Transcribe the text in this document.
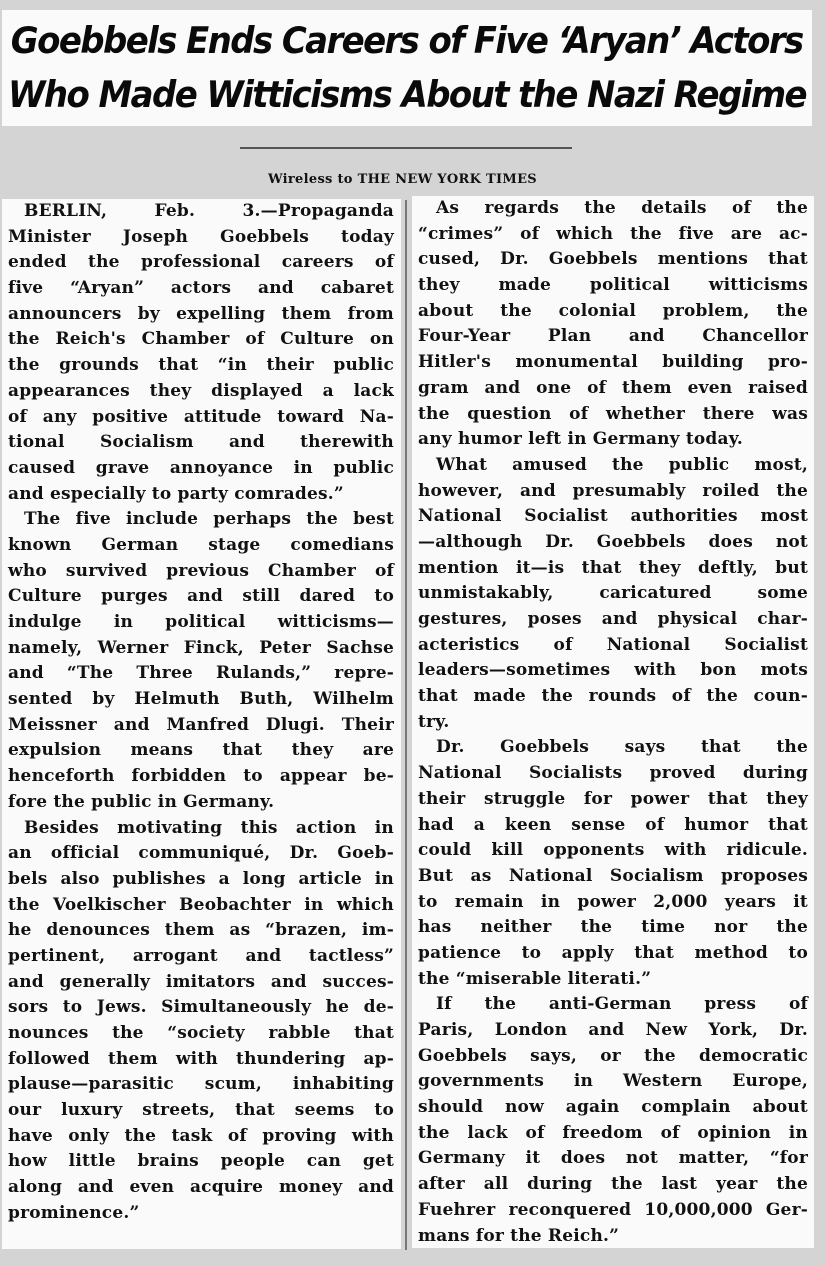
Goebbels Ends Careers of Five ‘Aryan’ Actors
Who Made Witticisms About the Nazi Regime
Wireless to THE NEW YORK TIMES
BERLIN, Feb. 3.—Propaganda
Minister Joseph Goebbels today
ended the professional careers of
five “Aryan” actors and cabaret
announcers by expelling them from
the Reich's Chamber of Culture on
the grounds that “in their public
appearances they displayed a lack
of any positive attitude toward Na-
tional Socialism and therewith
caused grave annoyance in public
and especially to party comrades.”
The five include perhaps the best
known German stage comedians
who survived previous Chamber of
Culture purges and still dared to
indulge in political witticisms—
namely, Werner Finck, Peter Sachse
and “The Three Rulands,” repre-
sented by Helmuth Buth, Wilhelm
Meissner and Manfred Dlugi. Their
expulsion means that they are
henceforth forbidden to appear be-
fore the public in Germany.
Besides motivating this action in
an official communiqué, Dr. Goeb-
bels also publishes a long article in
the Voelkischer Beobachter in which
he denounces them as “brazen, im-
pertinent, arrogant and tactless”
and generally imitators and succes-
sors to Jews. Simultaneously he de-
nounces the “society rabble that
followed them with thundering ap-
plause—parasitic scum, inhabiting
our luxury streets, that seems to
have only the task of proving with
how little brains people can get
along and even acquire money and
prominence.”
As regards the details of the
“crimes” of which the five are ac-
cused, Dr. Goebbels mentions that
they made political witticisms
about the colonial problem, the
Four-Year Plan and Chancellor
Hitler's monumental building pro-
gram and one of them even raised
the question of whether there was
any humor left in Germany today.
What amused the public most,
however, and presumably roiled the
National Socialist authorities most
—although Dr. Goebbels does not
mention it—is that they deftly, but
unmistakably, caricatured some
gestures, poses and physical char-
acteristics of National Socialist
leaders—sometimes with bon mots
that made the rounds of the coun-
try.
Dr. Goebbels says that the
National Socialists proved during
their struggle for power that they
had a keen sense of humor that
could kill opponents with ridicule.
But as National Socialism proposes
to remain in power 2,000 years it
has neither the time nor the
patience to apply that method to
the “miserable literati.”
If the anti-German press of
Paris, London and New York, Dr.
Goebbels says, or the democratic
governments in Western Europe,
should now again complain about
the lack of freedom of opinion in
Germany it does not matter, “for
after all during the last year the
Fuehrer reconquered 10,000,000 Ger-
mans for the Reich.”
